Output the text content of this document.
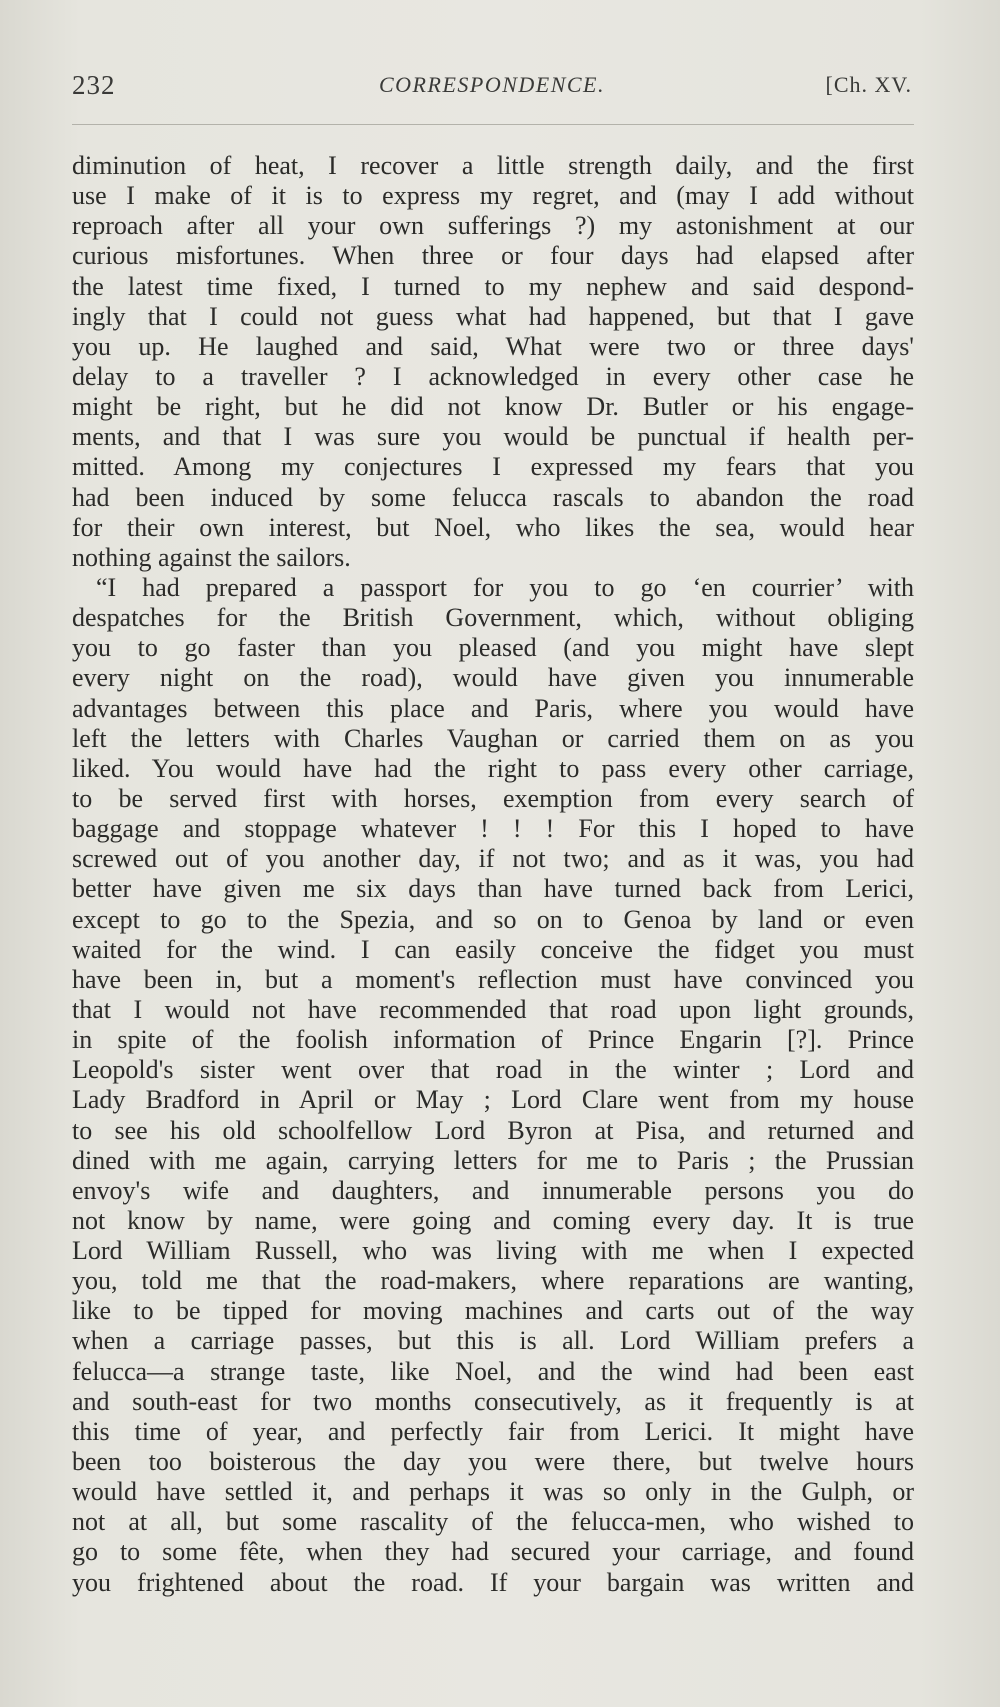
232	CORRESPONDENCE.	[Ch. XV.
diminution of heat, I recover a little strength daily, and the first
use I make of it is to express my regret, and (may I add without
reproach after all your own sufferings ?) my astonishment at our
curious misfortunes. When three or four days had elapsed after
the latest time fixed, I turned to my nephew and said despond-
ingly that I could not guess what had happened, but that I gave
you up. He laughed and said, What were two or three days'
delay to a traveller ? I acknowledged in every other case he
might be right, but he did not know Dr. Butler or his engage-
ments, and that I was sure you would be punctual if health per-
mitted. Among my conjectures I expressed my fears that you
had been induced by some felucca rascals to abandon the road
for their own interest, but Noel, who likes the sea, would hear
nothing against the sailors.
“I had prepared a passport for you to go ‘en courrier’ with
despatches for the British Government, which, without obliging
you to go faster than you pleased (and you might have slept
every night on the road), would have given you innumerable
advantages between this place and Paris, where you would have
left the letters with Charles Vaughan or carried them on as you
liked. You would have had the right to pass every other carriage,
to be served first with horses, exemption from every search of
baggage and stoppage whatever ! ! ! For this I hoped to have
screwed out of you another day, if not two; and as it was, you had
better have given me six days than have turned back from Lerici,
except to go to the Spezia, and so on to Genoa by land or even
waited for the wind. I can easily conceive the fidget you must
have been in, but a moment's reflection must have convinced you
that I would not have recommended that road upon light grounds,
in spite of the foolish information of Prince Engarin [?]. Prince
Leopold's sister went over that road in the winter ; Lord and
Lady Bradford in April or May ; Lord Clare went from my house
to see his old schoolfellow Lord Byron at Pisa, and returned and
dined with me again, carrying letters for me to Paris ; the Prussian
envoy's wife and daughters, and innumerable persons you do
not know by name, were going and coming every day. It is true
Lord William Russell, who was living with me when I expected
you, told me that the road-makers, where reparations are wanting,
like to be tipped for moving machines and carts out of the way
when a carriage passes, but this is all. Lord William prefers a
felucca—a strange taste, like Noel, and the wind had been east
and south-east for two months consecutively, as it frequently is at
this time of year, and perfectly fair from Lerici. It might have
been too boisterous the day you were there, but twelve hours
would have settled it, and perhaps it was so only in the Gulph, or
not at all, but some rascality of the felucca-men, who wished to
go to some fête, when they had secured your carriage, and found
you frightened about the road. If your bargain was written and
